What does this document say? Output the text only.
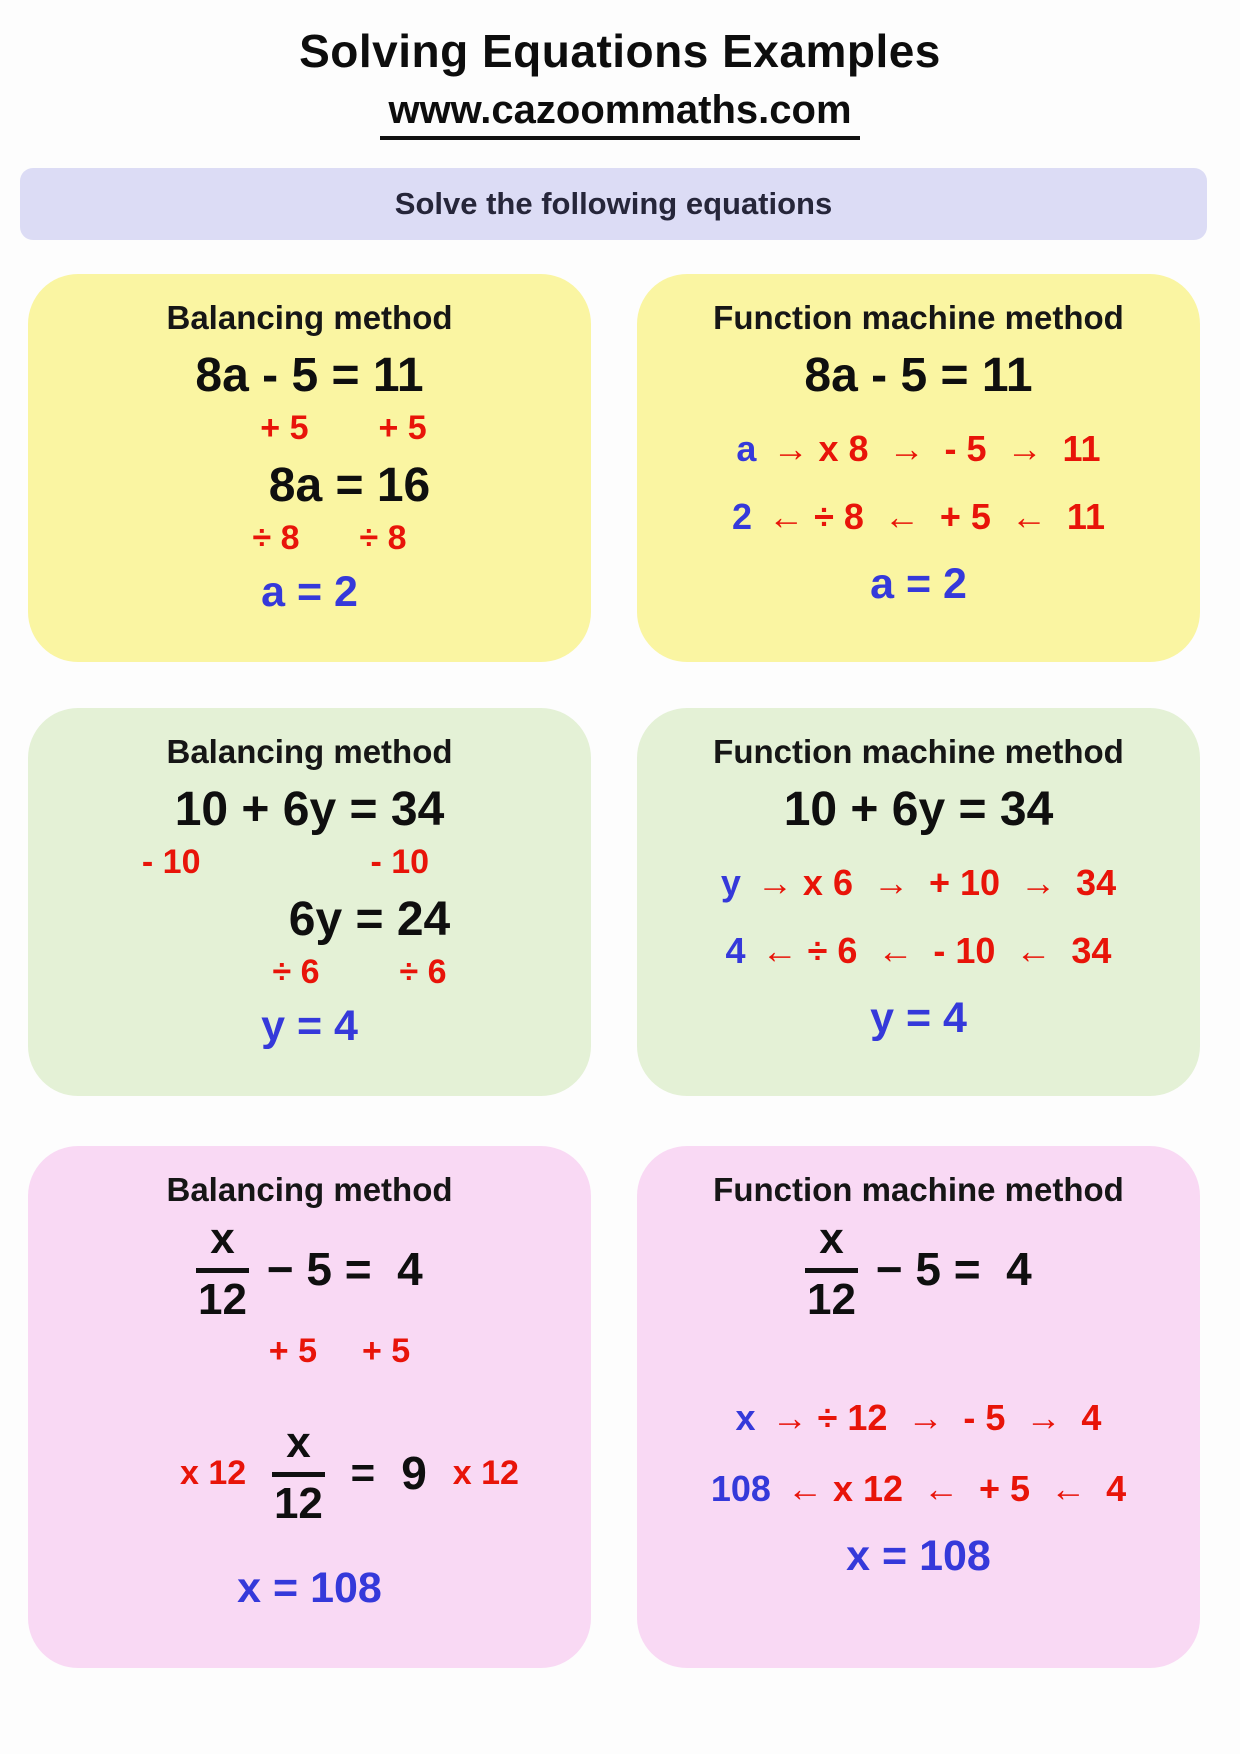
Solving Equations Examples
www.cazoommaths.com
Solve the following equations
Balancing method
8a - 5 = 11
+ 5 + 5
8a = 16
÷ 8 ÷ 8
a = 2
Function machine method
8a - 5 = 11
a → x 8  →  - 5  →  11
2 ← ÷ 8  ←  + 5  ←  11
a = 2
Balancing method
10 + 6y = 34
- 10	- 10
6y = 24
÷ 6 ÷ 6
y = 4
Function machine method
10 + 6y = 34
y → x 6  →  + 10  →  34
4 ← ÷ 6  ←  - 10  ←  34
y = 4
Balancing method
$\frac{x}{12} - 5 = 4$
+ 5 + 5
x $12 \frac{x}{12} = 9$ x 12
x = 108
Function machine method
$\frac{x}{12} - 5 = 4$
x → ÷ 12  →  - 5  →  4
108 ← x 12  ←  + 5  ←  4
x = 108
